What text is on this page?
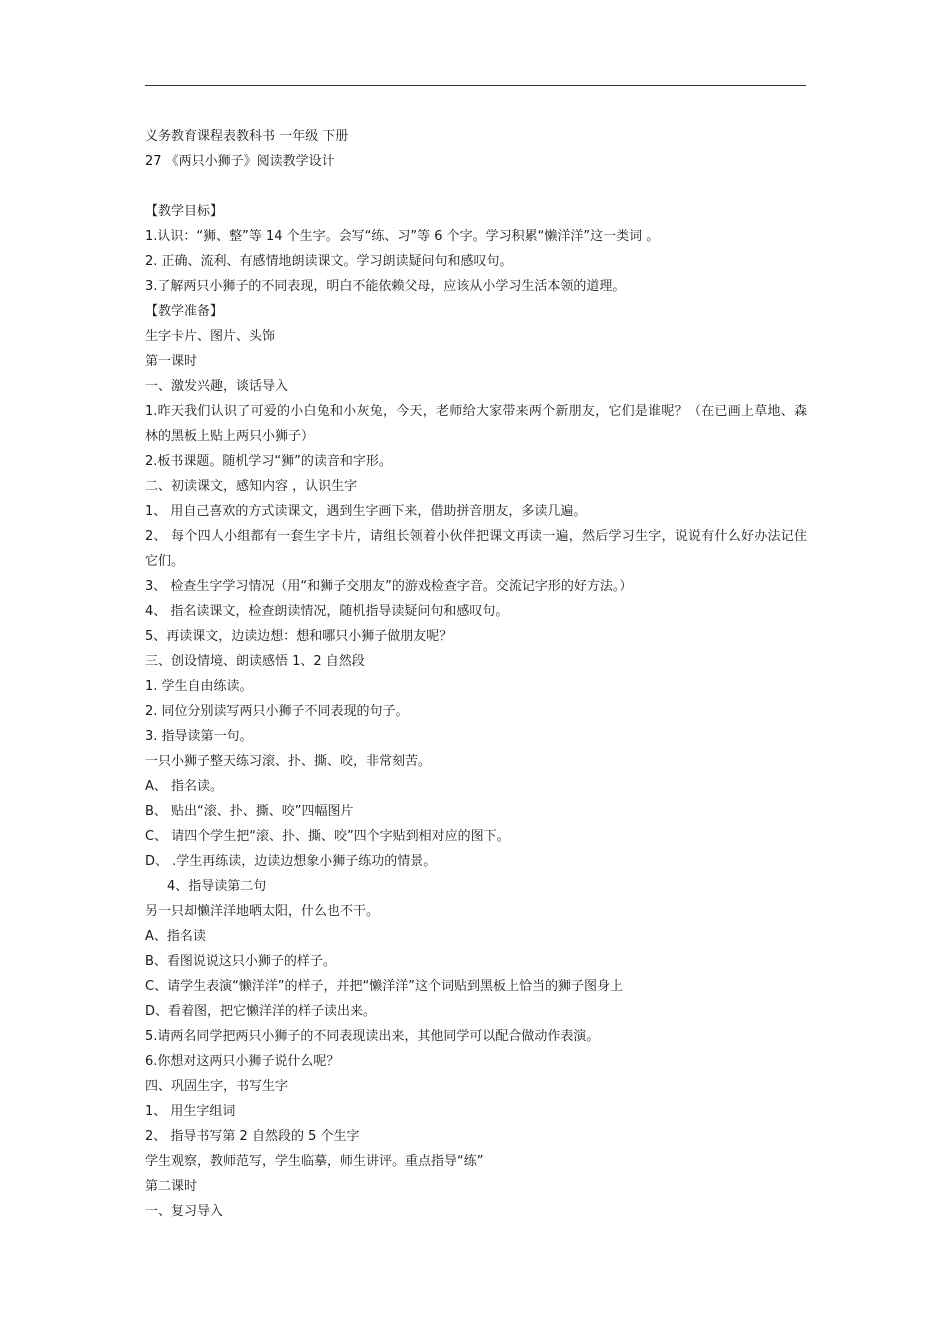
义务教育课程表教科书 一年级 下册
27 《两只小狮子》阅读教学设计
【教学目标】
1.认识：“狮、整”等 14 个生字。会写“练、习”等 6 个字。学习积累“懒洋洋”这一类词 。
2. 正确、流利、有感情地朗读课文。学习朗读疑问句和感叹句。
3.了解两只小狮子的不同表现，明白不能依赖父母，应该从小学习生活本领的道理。
【教学准备】
生字卡片、图片、头饰
第一课时
一、激发兴趣，谈话导入
1.昨天我们认识了可爱的小白兔和小灰兔，今天，老师给大家带来两个新朋友，它们是谁呢？（在已画上草地、森林的黑板上贴上两只小狮子）
2.板书课题。随机学习“狮”的读音和字形。
二、初读课文，感知内容 ，认识生字
1、 用自己喜欢的方式读课文，遇到生字画下来，借助拼音朋友，多读几遍。
2、 每个四人小组都有一套生字卡片，请组长领着小伙伴把课文再读一遍，然后学习生字，说说有什么好办法记住它们。
3、 检查生字学习情况（用“和狮子交朋友”的游戏检查字音。交流记字形的好方法。）
4、 指名读课文，检查朗读情况，随机指导读疑问句和感叹句。
5、再读课文，边读边想：想和哪只小狮子做朋友呢？
三、创设情境、朗读感悟 1、2 自然段
1. 学生自由练读。
2. 同位分别读写两只小狮子不同表现的句子。
3. 指导读第一句。
一只小狮子整天练习滚、扑、撕、咬，非常刻苦。
A、 指名读。
B、 贴出“滚、扑、撕、咬”四幅图片
C、 请四个学生把“滚、扑、撕、咬”四个字贴到相对应的图下。
D、 .学生再练读，边读边想象小狮子练功的情景。
4、指导读第二句
另一只却懒洋洋地晒太阳，什么也不干。
A、指名读
B、看图说说这只小狮子的样子。
C、请学生表演“懒洋洋”的样子，并把“懒洋洋”这个词贴到黑板上恰当的狮子图身上
D、看着图，把它懒洋洋的样子读出来。
5.请两名同学把两只小狮子的不同表现读出来，其他同学可以配合做动作表演。
6.你想对这两只小狮子说什么呢？
四、巩固生字，书写生字
1、 用生字组词
2、 指导书写第 2 自然段的 5 个生字
学生观察，教师范写，学生临摹，师生讲评。重点指导“练”
第二课时
一、复习导入
